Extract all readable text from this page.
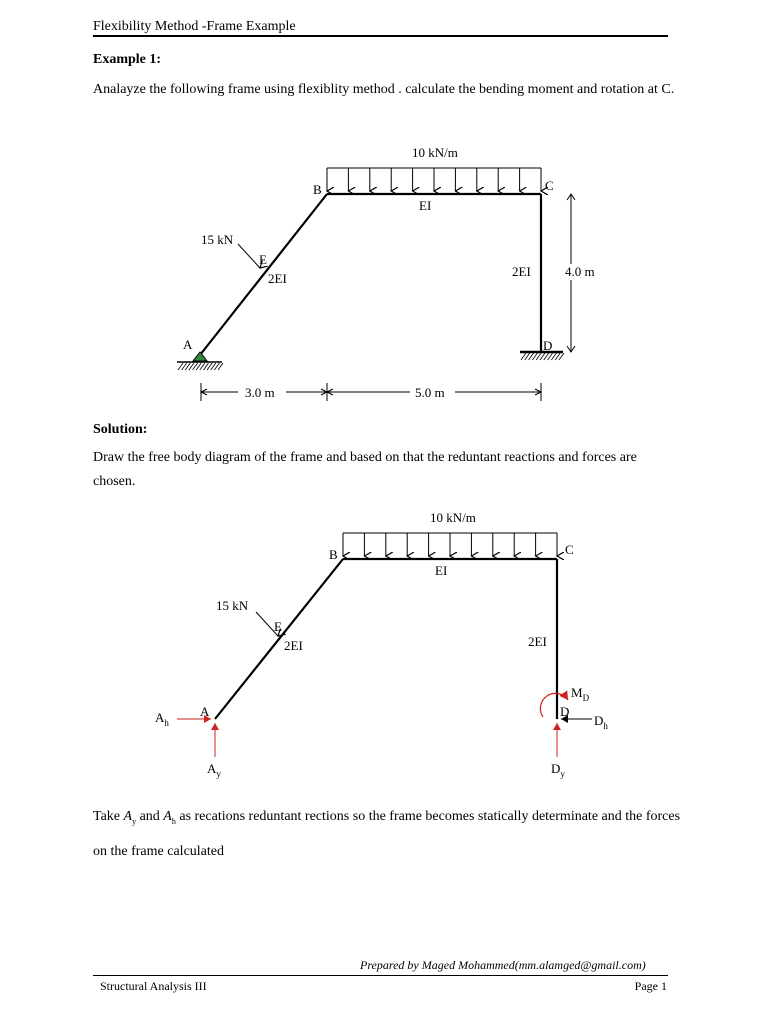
Flexibility Method -Frame Example
Example 1:
Analayze the following frame using flexiblity method . calculate the bending moment and rotation at C.
10 kN/m
15 kN
A
B	C
D
E
EI
2EI	2EI	4.0 m
3.0 m	5.0 m
Solution:
Draw the free body diagram of the frame and based on that the reduntant reactions and forces are chosen.
10 kN/m
15 kN
B	C
A	D
E
EI
2EI	2EI
$A_h$
$A_y$
$M_D$
$D_h$
$D_y$
Take $A_y$ and $A_h$ as recations reduntant rections so the frame becomes statically determinate and the forces on the frame calculated
Prepared by Maged Mohammed(mm.alamged@gmail.com)
Structural Analysis III	Page 1
